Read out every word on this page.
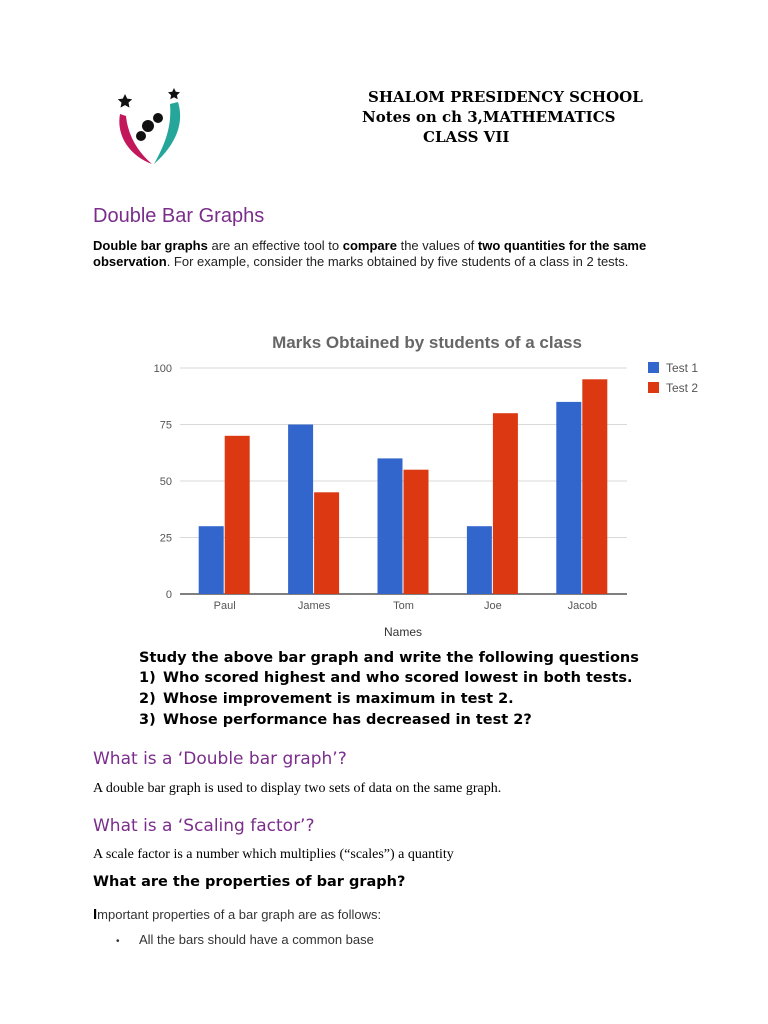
SHALOM PRESIDENCY SCHOOL
Notes on ch 3,MATHEMATICS
CLASS VII
Double Bar Graphs
Double bar graphs are an effective tool to compare the values of two quantities for the same observation. For example, consider the marks obtained by five students of a class in 2 tests.
Marks Obtained by students of a class
0
25
50
75
100
Paul	James	Tom	Joe	Jacob
Test 1
Test 2
Names
Study the above bar graph and write the following questions
1) Who scored highest and who scored lowest in both tests.
2) Whose improvement is maximum in test 2.
3) Whose performance has decreased in test 2?
What is a ‘Double bar graph’?
A double bar graph is used to display two sets of data on the same graph.
What is a ‘Scaling factor’?
A scale factor is a number which multiplies (“scales”) a quantity
What are the properties of bar graph?
Important properties of a bar graph are as follows:
• All the bars should have a common base
